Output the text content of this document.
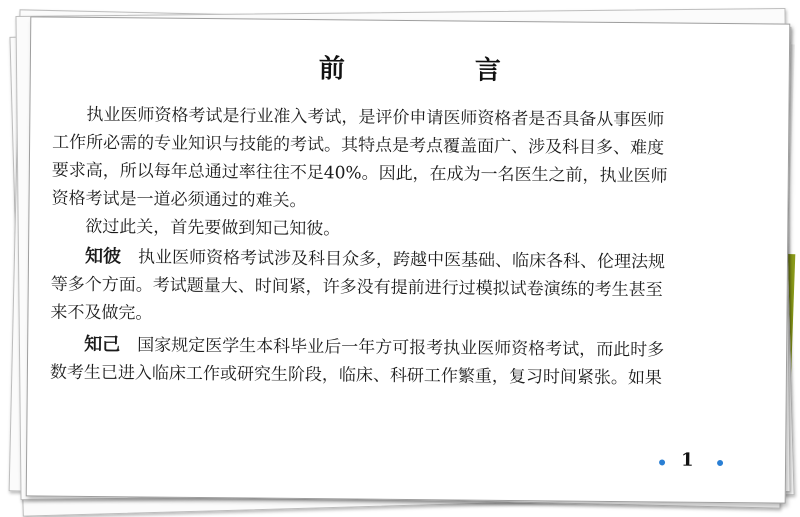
前　言
　　执业医师资格考试是行业准入考试，是评价申请医师资格者是否具备从事医师
工作所必需的专业知识与技能的考试。其特点是考点覆盖面广、涉及科目多、难度
要求高，所以每年总通过率往往不足40%。因此，在成为一名医生之前，执业医师
资格考试是一道必须通过的难关。
　　欲过此关，首先要做到知己知彼。
　　知彼　执业医师资格考试涉及科目众多，跨越中医基础、临床各科、伦理法规
等多个方面。考试题量大、时间紧，许多没有提前进行过模拟试卷演练的考生甚至
来不及做完。
　　知己　国家规定医学生本科毕业后一年方可报考执业医师资格考试，而此时多
数考生已进入临床工作或研究生阶段，临床、科研工作繁重，复习时间紧张。如果
1
